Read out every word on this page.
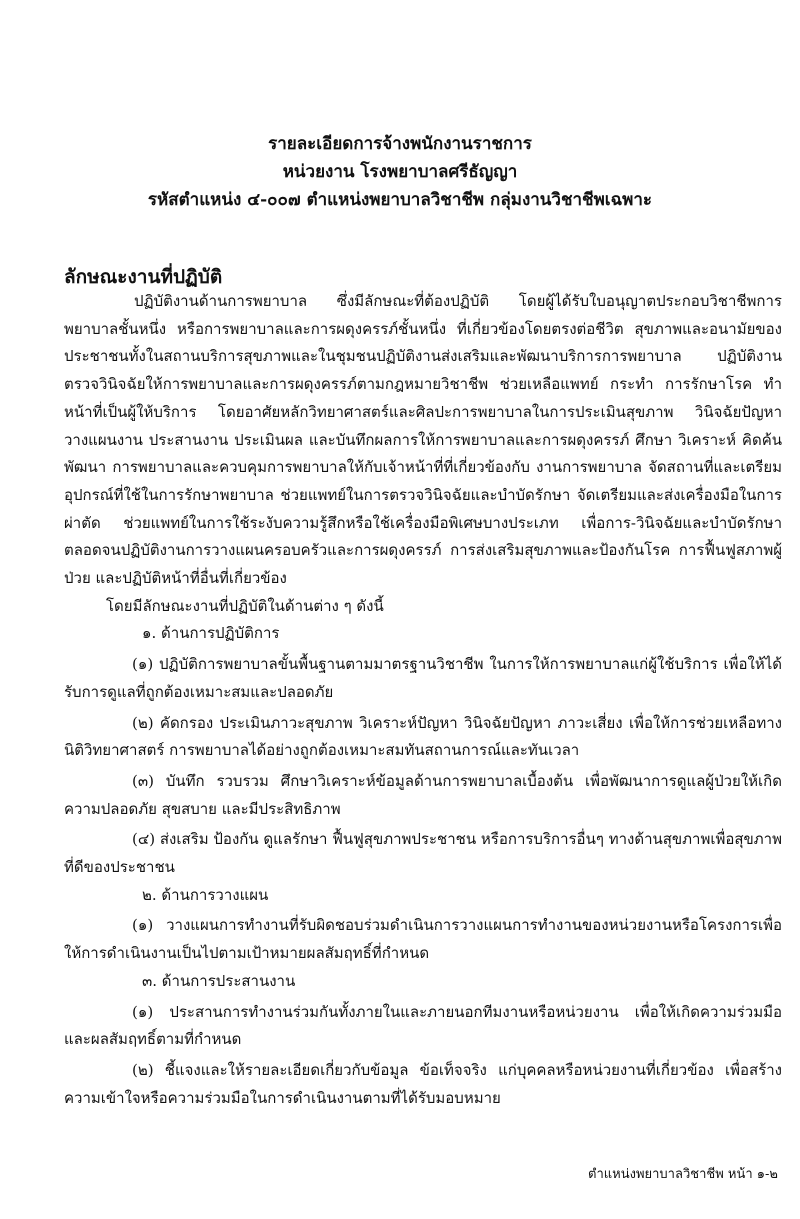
รายละเอียดการจ้างพนักงานราชการ
หน่วยงาน โรงพยาบาลศรีธัญญา
รหัสตำแหน่ง ๔-๐๐๗ ตำแหน่งพยาบาลวิชาชีพ กลุ่มงานวิชาชีพเฉพาะ
ลักษณะงานที่ปฏิบัติ

ปฏิบัติงานด้านการพยาบาล ซึ่งมีลักษณะที่ต้องปฏิบัติ โดยผู้ได้รับใบอนุญาตประกอบวิชาชีพการพยาบาลชั้นหนึ่ง หรือการพยาบาลและการผดุงครรภ์ชั้นหนึ่ง ที่เกี่ยวข้องโดยตรงต่อชีวิต สุขภาพและอนามัยของประชาชนทั้งในสถานบริการสุขภาพและในชุมชนปฏิบัติงานส่งเสริมและพัฒนาบริการการพยาบาล ปฏิบัติงานตรวจวินิจฉัยให้การพยาบาลและการผดุงครรภ์ตามกฎหมายวิชาชีพ ช่วยเหลือแพทย์ กระทำ การรักษาโรค ทำหน้าที่เป็นผู้ให้บริการ โดยอาศัยหลักวิทยาศาสตร์และศิลปะการพยาบาลในการประเมินสุขภาพ วินิจฉัยปัญหา วางแผนงาน ประสานงาน ประเมินผล และบันทึกผลการให้การพยาบาลและการผดุงครรภ์ ศึกษา วิเคราะห์ คิดค้น พัฒนา การพยาบาลและควบคุมการพยาบาลให้กับเจ้าหน้าที่ที่เกี่ยวข้องกับ งานการพยาบาล จัดสถานที่และเตรียมอุปกรณ์ที่ใช้ในการรักษาพยาบาล ช่วยแพทย์ในการตรวจวินิจฉัยและบำบัดรักษา จัดเตรียมและส่งเครื่องมือในการผ่าตัด ช่วยแพทย์ในการใช้ระงับความรู้สึกหรือใช้เครื่องมือพิเศษบางประเภท เพื่อการ-วินิจฉัยและบำบัดรักษา ตลอดจนปฏิบัติงานการวางแผนครอบครัวและการผดุงครรภ์ การส่งเสริมสุขภาพและป้องกันโรค การฟื้นฟูสภาพผู้ป่วย และปฏิบัติหน้าที่อื่นที่เกี่ยวข้อง

โดยมีลักษณะงานที่ปฏิบัติในด้านต่าง ๆ ดังนี้

๑. ด้านการปฏิบัติการ

(๑) ปฏิบัติการพยาบาลขั้นพื้นฐานตามมาตรฐานวิชาชีพ ในการให้การพยาบาลแก่ผู้ใช้บริการ เพื่อให้ได้รับการดูแลที่ถูกต้องเหมาะสมและปลอดภัย

(๒) คัดกรอง ประเมินภาวะสุขภาพ วิเคราะห์ปัญหา วินิจฉัยปัญหา ภาวะเสี่ยง เพื่อให้การช่วยเหลือทางนิติวิทยาศาสตร์ การพยาบาลได้อย่างถูกต้องเหมาะสมทันสถานการณ์และทันเวลา

(๓) บันทึก รวบรวม ศึกษาวิเคราะห์ข้อมูลด้านการพยาบาลเบื้องต้น เพื่อพัฒนาการดูแลผู้ป่วยให้เกิดความปลอดภัย สุขสบาย และมีประสิทธิภาพ

(๔) ส่งเสริม ป้องกัน ดูแลรักษา ฟื้นฟูสุขภาพประชาชน หรือการบริการอื่นๆ ทางด้านสุขภาพเพื่อสุขภาพที่ดีของประชาชน

๒. ด้านการวางแผน

(๑) วางแผนการทำงานที่รับผิดชอบร่วมดำเนินการวางแผนการทำงานของหน่วยงานหรือโครงการเพื่อ ให้การดำเนินงานเป็นไปตามเป้าหมายผลสัมฤทธิ์ที่กำหนด

๓. ด้านการประสานงาน

(๑) ประสานการทำงานร่วมกันทั้งภายในและภายนอกทีมงานหรือหน่วยงาน เพื่อให้เกิดความร่วมมือและผลสัมฤทธิ์ตามที่กำหนด

(๒) ชี้แจงและให้รายละเอียดเกี่ยวกับข้อมูล ข้อเท็จจริง แก่บุคคลหรือหน่วยงานที่เกี่ยวข้อง เพื่อสร้างความเข้าใจหรือความร่วมมือในการดำเนินงานตามที่ได้รับมอบหมาย

ตำแหน่งพยาบาลวิชาชีพ หน้า ๑-๒
